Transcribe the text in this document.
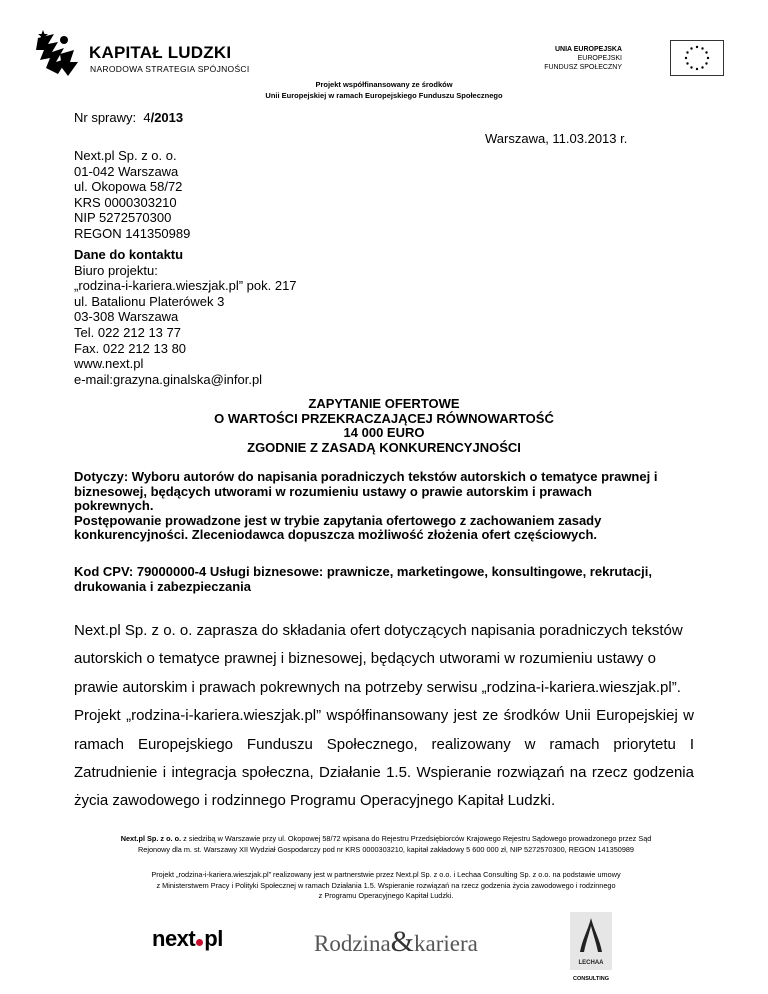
KAPITAŁ LUDZKI
NARODOWA STRATEGIA SPÓJNOŚCI
UNIA EUROPEJSKA
EUROPEJSKI
FUNDUSZ SPOŁECZNY
Projekt współfinansowany ze środków
Unii Europejskiej w ramach Europejskiego Funduszu Społecznego
Nr sprawy: 4/2013
Warszawa, 11.03.2013 r.
Next.pl Sp. z o. o.
01-042 Warszawa
ul. Okopowa 58/72
KRS 0000303210
NIP 5272570300
REGON 141350989
Dane do kontaktu
Biuro projektu:
„rodzina-i-kariera.wieszjak.pl” pok. 217
ul. Batalionu Platerówek 3
03-308 Warszawa
Tel. 022 212 13 77
Fax. 022 212 13 80
www.next.pl
e-mail:grazyna.ginalska@infor.pl
ZAPYTANIE OFERTOWE
O WARTOŚCI PRZEKRACZAJĄCEJ RÓWNOWARTOŚĆ
14 000 EURO
ZGODNIE Z ZASADĄ KONKURENCYJNOŚCI
Dotyczy: Wyboru autorów do napisania poradniczych tekstów autorskich o tematyce prawnej i biznesowej, będących utworami w rozumieniu ustawy o prawie autorskim i prawach pokrewnych.
Postępowanie prowadzone jest w trybie zapytania ofertowego z zachowaniem zasady konkurencyjności. Zleceniodawca dopuszcza możliwość złożenia ofert częściowych.
Kod CPV: 79000000-4 Usługi biznesowe: prawnicze, marketingowe, konsultingowe, rekrutacji, drukowania i zabezpieczania

Next.pl Sp. z o. o. zaprasza do składania ofert dotyczących napisania poradniczych tekstów autorskich o tematyce prawnej i biznesowej, będących utworami w rozumieniu ustawy o prawie autorskim i prawach pokrewnych na potrzeby serwisu „rodzina-i-kariera.wieszjak.pl”.

Projekt „rodzina-i-kariera.wieszjak.pl” współfinansowany jest ze środków Unii Europejskiej w ramach Europejskiego Funduszu Społecznego, realizowany w ramach priorytetu I Zatrudnienie i integracja społeczna, Działanie 1.5. Wspieranie rozwiązań na rzecz godzenia życia zawodowego i rodzinnego Programu Operacyjnego Kapitał Ludzki.

Next.pl Sp. z o. o. z siedzibą w Warszawie przy ul. Okopowej 58/72 wpisana do Rejestru Przedsiębiorców Krajowego Rejestru Sądowego prowadzonego przez Sąd
Rejonowy dla m. st. Warszawy XII Wydział Gospodarczy pod nr KRS 0000303210, kapitał zakładowy 5 600 000 zł, NIP 5272570300, REGON 141350989
Projekt „rodzina-i-kariera.wieszjak.pl” realizowany jest w partnerstwie przez Next.pl Sp. z o.o. i Lechaa Consulting Sp. z o.o. na podstawie umowy
z Ministerstwem Pracy i Polityki Społecznej w ramach Działania 1.5. Wspieranie rozwiązań na rzecz godzenia życia zawodowego i rodzinnego
z Programu Operacyjnego Kapitał Ludzki.
next pl	Rodzina&kariera
LECHAA
CONSULTING
